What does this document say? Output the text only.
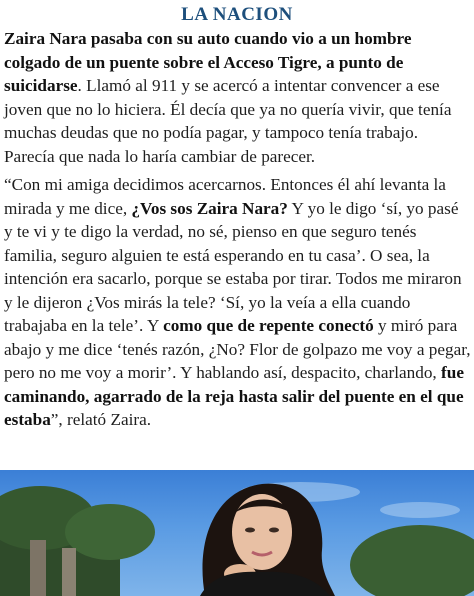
LA NACION

Zaira Nara pasaba con su auto cuando vio a un hombre colgado de un puente sobre el Acceso Tigre, a punto de suicidarse. Llamó al 911 y se acercó a intentar convencer a ese joven que no lo hiciera. Él decía que ya no quería vivir, que tenía muchas deudas que no podía pagar, y tampoco tenía trabajo. Parecía que nada lo haría cambiar de parecer.

“Con mi amiga decidimos acercarnos. Entonces él ahí levanta la mirada y me dice, ¿Vos sos Zaira Nara? Y yo le digo ‘sí, yo pasé y te vi y te digo la verdad, no sé, pienso en que seguro tenés familia, seguro alguien te está esperando en tu casa’. O sea, la intención era sacarlo, porque se estaba por tirar. Todos me miraron y le dijeron ¿Vos mirás la tele? ‘Sí, yo la veía a ella cuando trabajaba en la tele’. Y como que de repente conectó y miró para abajo y me dice ‘tenés razón, ¿No? Flor de golpazo me voy a pegar, pero no me voy a morir’. Y hablando así, despacito, charlando, fue caminando, agarrado de la reja hasta salir del puente en el que estaba”, relató Zaira.
